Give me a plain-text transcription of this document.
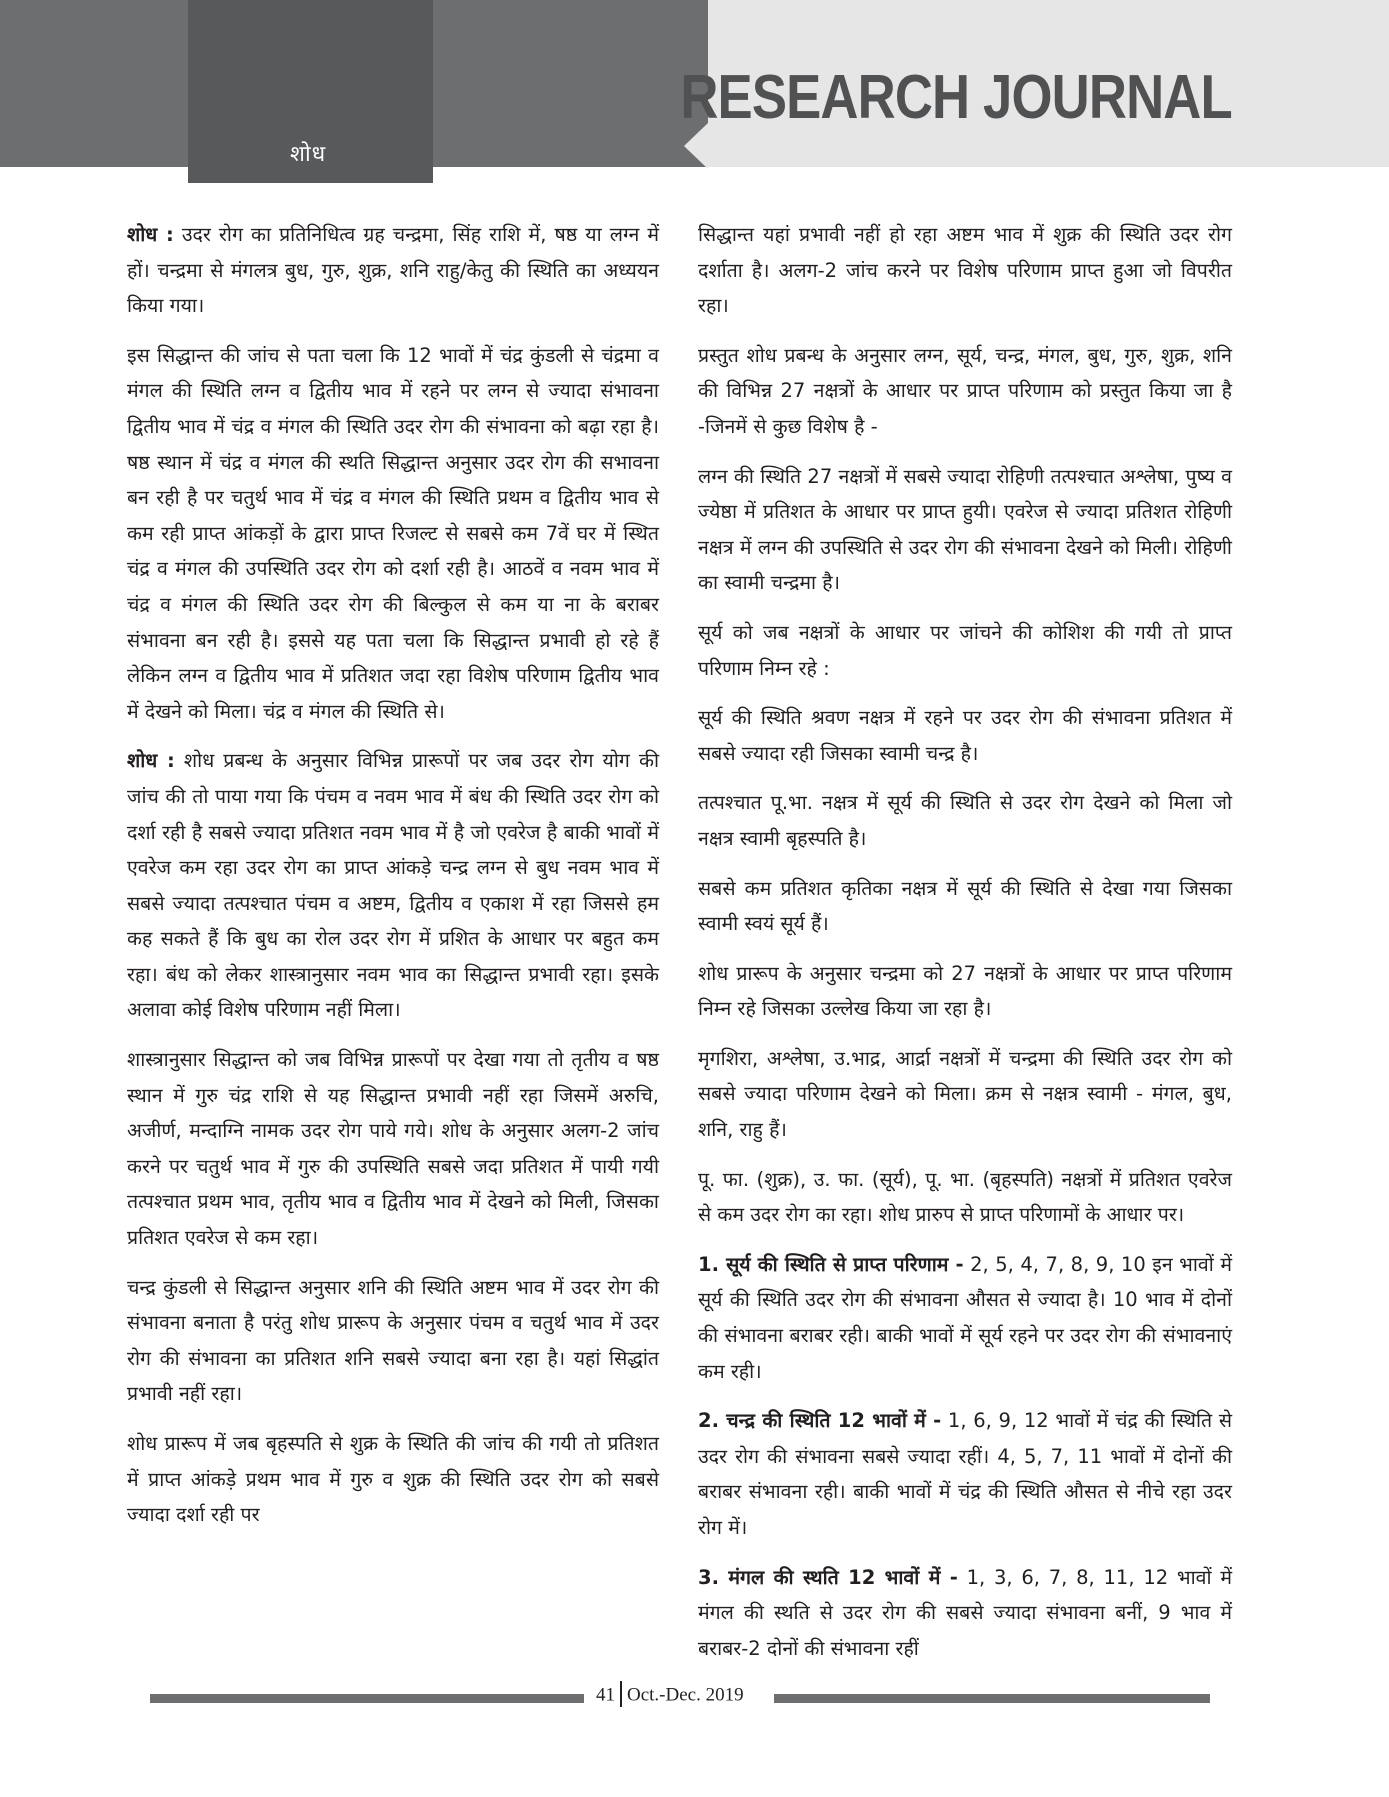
शोध
RESEARCH JOURNAL

शोध : उदर रोग का प्रतिनिधित्व ग्रह चन्द्रमा, सिंह राशि में, षष्ठ या लग्न में हों। चन्द्रमा से मंगलत्र बुध, गुरु, शुक्र, शनि राहु/केतु की स्थिति का अध्ययन किया गया।

इस सिद्धान्त की जांच से पता चला कि 12 भावों में चंद्र कुंडली से चंद्रमा व मंगल की स्थिति लग्न व द्वितीय भाव में रहने पर लग्न से ज्यादा संभावना द्वितीय भाव में चंद्र व मंगल की स्थिति उदर रोग की संभावना को बढ़ा रहा है। षष्ठ स्थान में चंद्र व मंगल की स्थति सिद्धान्त अनुसार उदर रोग की सभावना बन रही है पर चतुर्थ भाव में चंद्र व मंगल की स्थिति प्रथम व द्वितीय भाव से कम रही प्राप्त आंकड़ों के द्वारा प्राप्त रिजल्ट से सबसे कम 7वें घर में स्थित चंद्र व मंगल की उपस्थिति उदर रोग को दर्शा रही है। आठवें व नवम भाव में चंद्र व मंगल की स्थिति उदर रोग की बिल्कुल से कम या ना के बराबर संभावना बन रही है। इससे यह पता चला कि सिद्धान्त प्रभावी हो रहे हैं लेकिन लग्न व द्वितीय भाव में प्रतिशत जदा रहा विशेष परिणाम द्वितीय भाव में देखने को मिला। चंद्र व मंगल की स्थिति से।

शोध : शोध प्रबन्ध के अनुसार विभिन्न प्रारूपों पर जब उदर रोग योग की जांच की तो पाया गया कि पंचम व नवम भाव में बंध की स्थिति उदर रोग को दर्शा रही है सबसे ज्यादा प्रतिशत नवम भाव में है जो एवरेज है बाकी भावों में एवरेज कम रहा उदर रोग का प्राप्त आंकड़े चन्द्र लग्न से बुध नवम भाव में सबसे ज्यादा तत्पश्चात पंचम व अष्टम, द्वितीय व एकाश में रहा जिससे हम कह सकते हैं कि बुध का रोल उदर रोग में प्रशित के आधार पर बहुत कम रहा। बंध को लेकर शास्त्रानुसार नवम भाव का सिद्धान्त प्रभावी रहा। इसके अलावा कोई विशेष परिणाम नहीं मिला।

शास्त्रानुसार सिद्धान्त को जब विभिन्न प्रारूपों पर देखा गया तो तृतीय व षष्ठ स्थान में गुरु चंद्र राशि से यह सिद्धान्त प्रभावी नहीं रहा जिसमें अरुचि, अजीर्ण, मन्दाग्नि नामक उदर रोग पाये गये। शोध के अनुसार अलग-2 जांच करने पर चतुर्थ भाव में गुरु की उपस्थिति सबसे जदा प्रतिशत में पायी गयी तत्पश्चात प्रथम भाव, तृतीय भाव व द्वितीय भाव में देखने को मिली, जिसका प्रतिशत एवरेज से कम रहा।

चन्द्र कुंडली से सिद्धान्त अनुसार शनि की स्थिति अष्टम भाव में उदर रोग की संभावना बनाता है परंतु शोध प्रारूप के अनुसार पंचम व चतुर्थ भाव में उदर रोग की संभावना का प्रतिशत शनि सबसे ज्यादा बना रहा है। यहां सिद्धांत प्रभावी नहीं रहा।

शोध प्रारूप में जब बृहस्पति से शुक्र के स्थिति की जांच की गयी तो प्रतिशत में प्राप्त आंकड़े प्रथम भाव में गुरु व शुक्र की स्थिति उदर रोग को सबसे ज्यादा दर्शा रही पर

सिद्धान्त यहां प्रभावी नहीं हो रहा अष्टम भाव में शुक्र की स्थिति उदर रोग दर्शाता है। अलग-2 जांच करने पर विशेष परिणाम प्राप्त हुआ जो विपरीत रहा।

प्रस्तुत शोध प्रबन्ध के अनुसार लग्न, सूर्य, चन्द्र, मंगल, बुध, गुरु, शुक्र, शनि की विभिन्न 27 नक्षत्रों के आधार पर प्राप्त परिणाम को प्रस्तुत किया जा है -जिनमें से कुछ विशेष है -

लग्न की स्थिति 27 नक्षत्रों में सबसे ज्यादा रोहिणी तत्पश्चात अश्लेषा, पुष्य व ज्येष्ठा में प्रतिशत के आधार पर प्राप्त हुयी। एवरेज से ज्यादा प्रतिशत रोहिणी नक्षत्र में लग्न की उपस्थिति से उदर रोग की संभावना देखने को मिली। रोहिणी का स्वामी चन्द्रमा है।

सूर्य को जब नक्षत्रों के आधार पर जांचने की कोशिश की गयी तो प्राप्त परिणाम निम्न रहे :

सूर्य की स्थिति श्रवण नक्षत्र में रहने पर उदर रोग की संभावना प्रतिशत में सबसे ज्यादा रही जिसका स्वामी चन्द्र है।

तत्पश्चात पू.भा. नक्षत्र में सूर्य की स्थिति से उदर रोग देखने को मिला जो नक्षत्र स्वामी बृहस्पति है।

सबसे कम प्रतिशत कृतिका नक्षत्र में सूर्य की स्थिति से देखा गया जिसका स्वामी स्वयं सूर्य हैं।

शोध प्रारूप के अनुसार चन्द्रमा को 27 नक्षत्रों के आधार पर प्राप्त परिणाम निम्न रहे जिसका उल्लेख किया जा रहा है।

मृगशिरा, अश्लेषा, उ.भाद्र, आर्द्रा नक्षत्रों में चन्द्रमा की स्थिति उदर रोग को सबसे ज्यादा परिणाम देखने को मिला। क्रम से नक्षत्र स्वामी - मंगल, बुध, शनि, राहु हैं।

पू. फा. (शुक्र), उ. फा. (सूर्य), पू. भा. (बृहस्पति) नक्षत्रों में प्रतिशत एवरेज से कम उदर रोग का रहा। शोध प्रारुप से प्राप्त परिणामों के आधार पर।

1. सूर्य की स्थिति से प्राप्त परिणाम - 2, 5, 4, 7, 8, 9, 10 इन भावों में सूर्य की स्थिति उदर रोग की संभावना औसत से ज्यादा है। 10 भाव में दोनों की संभावना बराबर रही। बाकी भावों में सूर्य रहने पर उदर रोग की संभावनाएं कम रही।

2. चन्द्र की स्थिति 12 भावों में - 1, 6, 9, 12 भावों में चंद्र की स्थिति से उदर रोग की संभावना सबसे ज्यादा रहीं। 4, 5, 7, 11 भावों में दोनों की बराबर संभावना रही। बाकी भावों में चंद्र की स्थिति औसत से नीचे रहा उदर रोग में।

3. मंगल की स्थति 12 भावों में - 1, 3, 6, 7, 8, 11, 12 भावों में मंगल की स्थति से उदर रोग की सबसे ज्यादा संभावना बनीं, 9 भाव में बराबर-2 दोनों की संभावना रहीं

41 Oct.-Dec. 2019
